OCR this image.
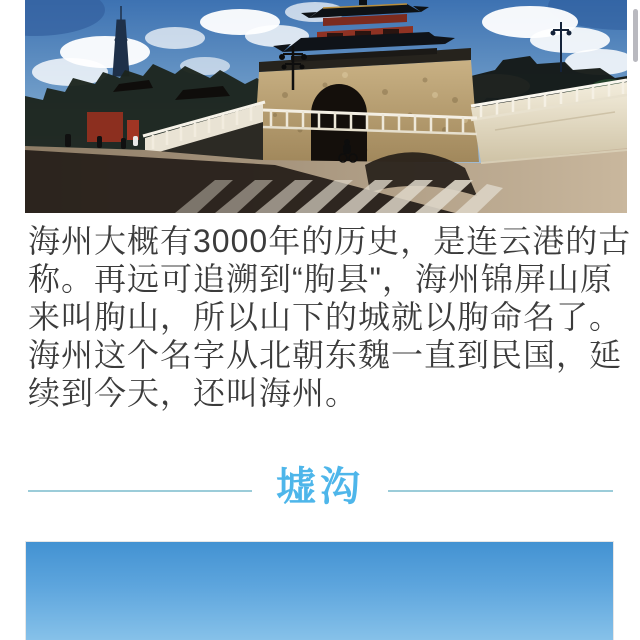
海州大概有3000年的历史，是连云港的古
称。再远可追溯到“朐县"，海州锦屏山原
来叫朐山，所以山下的城就以朐命名了。
海州这个名字从北朝东魏一直到民国，延
续到今天，还叫海州。
墟沟
